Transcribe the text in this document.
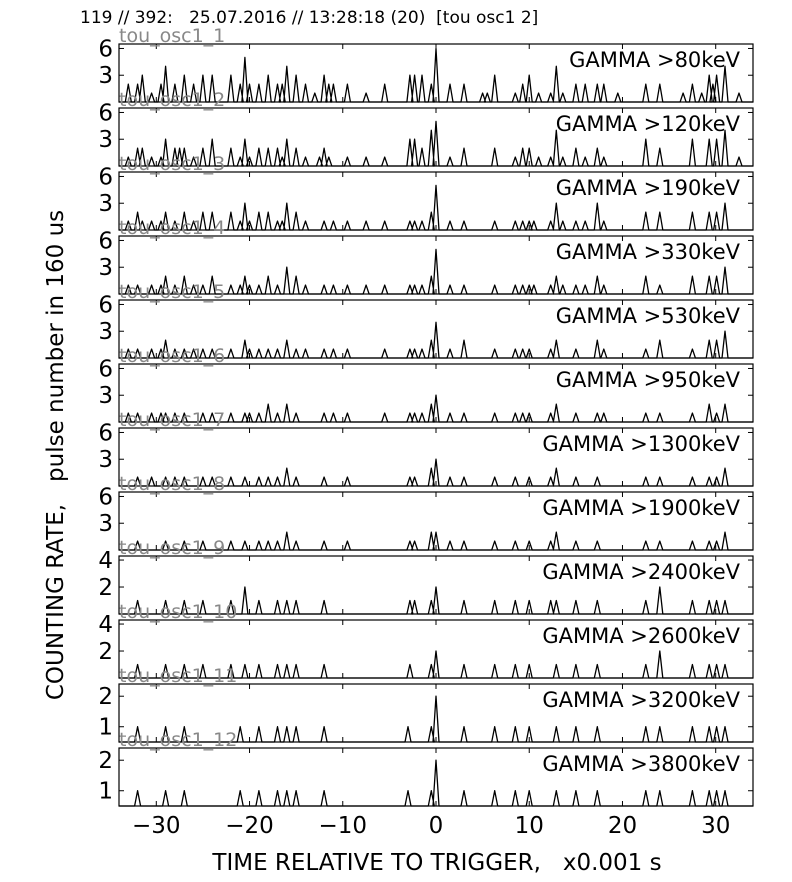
119 // 392:   25.07.2016 // 13:28:18 (20)  [tou osc1 2]
3
6	GAMMA >80keV
tou_osc1_1
3
6	GAMMA >120keV
tou_osc1_2
3
6	GAMMA >190keV
tou_osc1_3
3
6	GAMMA >330keV
tou_osc1_4
3
6	GAMMA >530keV
tou_osc1_5
3
6	GAMMA >950keV
tou_osc1_6
3
6	GAMMA >1300keV
tou_osc1_7
3
6	GAMMA >1900keV
tou_osc1_8
2
4	GAMMA >2400keV
tou_osc1_9
2
4	GAMMA >2600keV
tou_osc1_10
1
2	GAMMA >3200keV
tou_osc1_11
1
2	GAMMA >3800keV
tou_osc1_12
−30 −20 −10	0	10	20	30
COUNTING RATE,   pulse number in 160 us
TIME RELATIVE TO TRIGGER,   x0.001 s
